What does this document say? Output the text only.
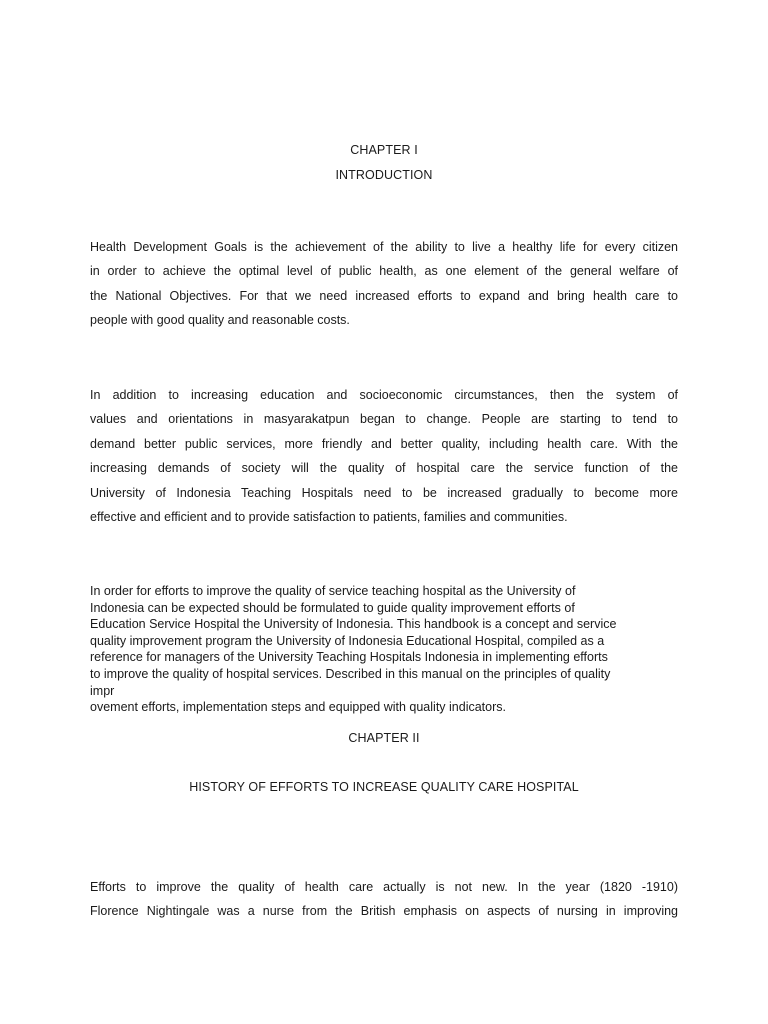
CHAPTER I
INTRODUCTION
Health Development Goals is the achievement of the ability to live a healthy life for every citizen
in order to achieve the optimal level of public health, as one element of the general welfare of
the National Objectives. For that we need increased efforts to expand and bring health care to
people with good quality and reasonable costs.
In addition to increasing education and socioeconomic circumstances, then the system of
values and orientations in masyarakatpun began to change. People are starting to tend to
demand better public services, more friendly and better quality, including health care. With the
increasing demands of society will the quality of hospital care the service function of the
University of Indonesia Teaching Hospitals need to be increased gradually to become more
effective and efficient and to provide satisfaction to patients, families and communities.
In order for efforts to improve the quality of service teaching hospital as the University of
Indonesia can be expected should be formulated to guide quality improvement efforts of
Education Service Hospital the University of Indonesia. This handbook is a concept and service
quality improvement program the University of Indonesia Educational Hospital, compiled as a
reference for managers of the University Teaching Hospitals Indonesia in implementing efforts
to improve the quality of hospital services. Described in this manual on the principles of quality
impr
ovement efforts, implementation steps and equipped with quality indicators.
CHAPTER II
HISTORY OF EFFORTS TO INCREASE QUALITY CARE HOSPITAL
Efforts to improve the quality of health care actually is not new. In the year (1820 -1910)
Florence Nightingale was a nurse from the British emphasis on aspects of nursing in improving
